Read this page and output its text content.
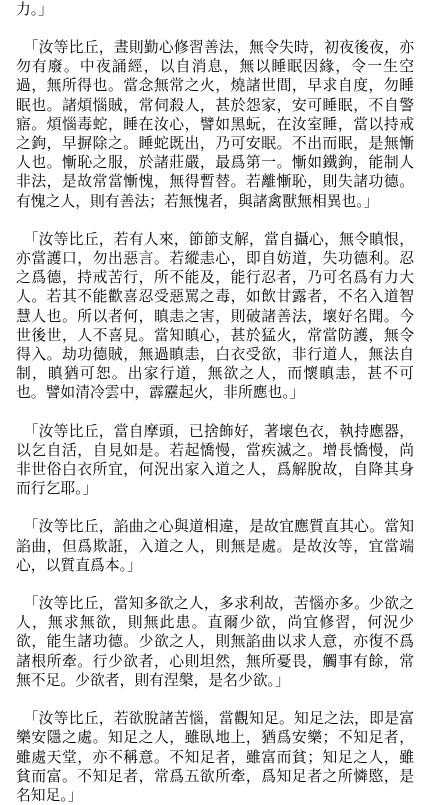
力。」

　「汝等比丘，晝則勤心修習善法，無令失時，初夜後夜，亦勿有廢。中夜誦經，以自消息，無以睡眠因緣，令一生空過，無所得也。當念無常之火，燒諸世間，早求自度，勿睡眠也。諸煩惱賊，常伺殺人，甚於怨家，安可睡眠，不自警寤。煩惱毒蛇，睡在汝心，譬如黑蚖，在汝室睡，當以持戒之鉤，早摒除之。睡蛇既出，乃可安眠。不出而眠，是無慚人也。慚恥之服，於諸莊嚴，最爲第一。慚如鐵鉤，能制人非法，是故常當慚愧，無得暫替。若離慚恥，則失諸功德。有愧之人，則有善法；若無愧者，與諸禽獸無相異也。」

　「汝等比丘，若有人來，節節支解，當自攝心，無令瞋恨，亦當護口，勿出惡言。若縱恚心，即自妨道，失功德利。忍之爲德，持戒苦行，所不能及，能行忍者，乃可名爲有力大人。若其不能歡喜忍受惡罵之毒，如飲甘露者，不名入道智慧人也。所以者何，瞋恚之害，則破諸善法，壞好名聞。今世後世，人不喜見。當知瞋心，甚於猛火，常當防護，無令得入。劫功德賊，無過瞋恚，白衣受欲，非行道人，無法自制，瞋猶可恕。出家行道，無欲之人，而懷瞋恚，甚不可也。譬如清冷雲中，霹靂起火，非所應也。」

　「汝等比丘，當自摩頭，已捨飾好，著壞色衣，執持應器，以乞自活，自見如是。若起憍慢，當疾滅之。增長憍慢，尚非世俗白衣所宜，何況出家入道之人，爲解脫故，自降其身而行乞耶。」

　「汝等比丘，諂曲之心與道相違，是故宜應質直其心。當知諂曲，但爲欺誑，入道之人，則無是處。是故汝等，宜當端心，以質直爲本。」

　「汝等比丘，當知多欲之人，多求利故，苦惱亦多。少欲之人，無求無欲，則無此患。直爾少欲，尚宜修習，何況少欲，能生諸功德。少欲之人，則無諂曲以求人意，亦復不爲諸根所牽。行少欲者，心則坦然，無所憂畏，觸事有餘，常無不足。少欲者，則有涅槃，是名少欲。」

　「汝等比丘，若欲脫諸苦惱，當觀知足。知足之法，即是富樂安隱之處。知足之人，雖臥地上，猶爲安樂；不知足者，雖處天堂，亦不稱意。不知足者，雖富而貧；知足之人，雖貧而富。不知足者，常爲五欲所牽，爲知足者之所憐愍，是名知足。」
